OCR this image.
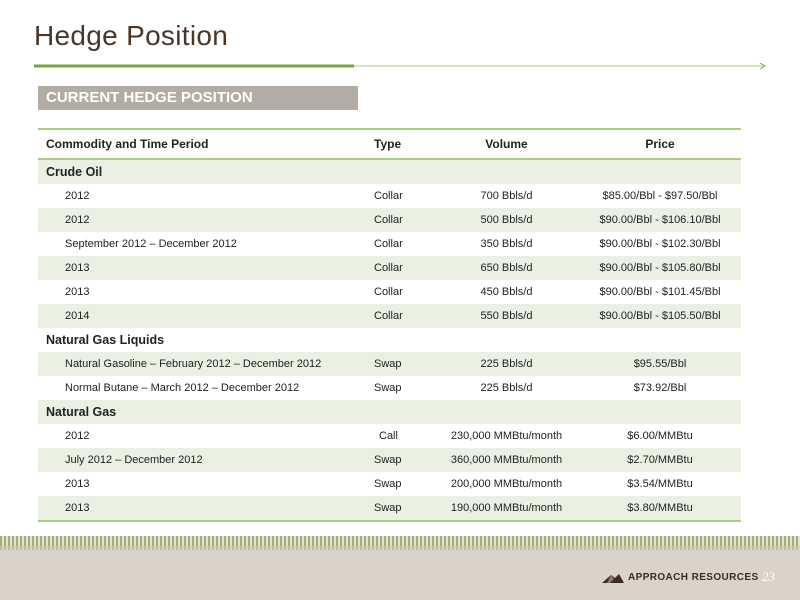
Hedge Position
CURRENT HEDGE POSITION
Commodity and Time Period	Type	Volume	Price
Crude Oil
2012	Collar	700 Bbls/d	$85.00/Bbl - $97.50/Bbl
2012	Collar	500 Bbls/d	$90.00/Bbl - $106.10/Bbl
September 2012 – December 2012	Collar	350 Bbls/d	$90.00/Bbl - $102.30/Bbl
2013	Collar	650 Bbls/d	$90.00/Bbl - $105.80/Bbl
2013	Collar	450 Bbls/d	$90.00/Bbl - $101.45/Bbl
2014	Collar	550 Bbls/d	$90.00/Bbl - $105.50/Bbl
Natural Gas Liquids
Natural Gasoline – February 2012 – December 2012	Swap	225 Bbls/d	$95.55/Bbl
Normal Butane – March 2012 – December 2012	Swap	225 Bbls/d	$73.92/Bbl
Natural Gas
2012	Call	230,000 MMBtu/month	$6.00/MMBtu
July 2012 – December 2012	Swap	360,000 MMBtu/month	$2.70/MMBtu
2013	Swap	200,000 MMBtu/month	$3.54/MMBtu
2013	Swap	190,000 MMBtu/month	$3.80/MMBtu
APPROACH RESOURCES 23
